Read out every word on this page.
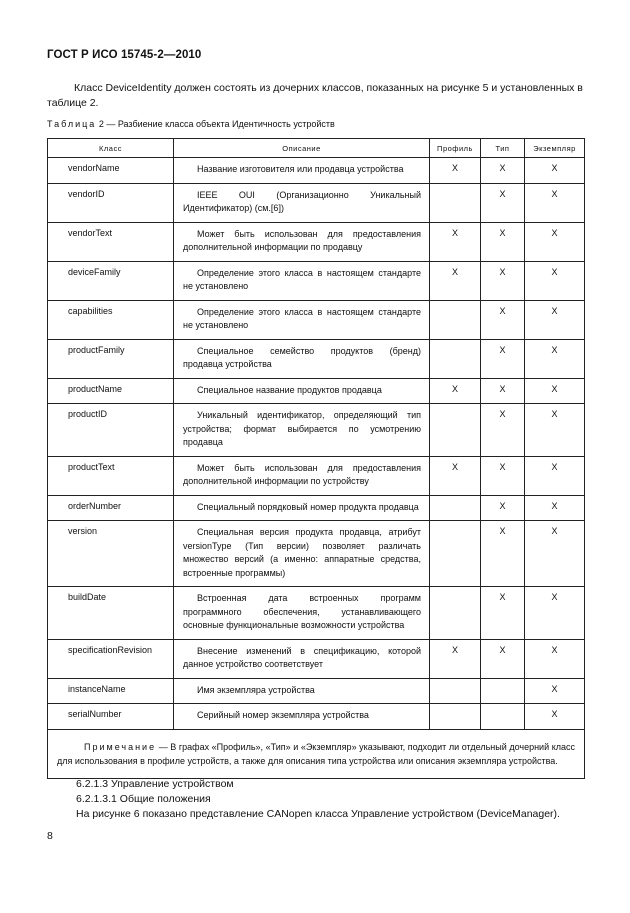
ГОСТ Р ИСО 15745-2—2010
Класс DeviceIdentity должен состоять из дочерних классов, показанных на рисунке 5 и установленных в таблице 2.
Таблица 2 — Разбиение класса объекта Идентичность устройств
Класс	Описание	Профиль	Тип	Экземпляр
vendorName	Название изготовителя или продавца устройства	X	X	X
vendorID	IEEE OUI (Организационно Уникальный Идентификатор) (см.[6])		X	X
vendorText	Может быть использован для предоставления дополнительной информации по продавцу	X	X	X
deviceFamily	Определение этого класса в настоящем стандарте не установлено	X	X	X
capabilities	Определение этого класса в настоящем стандарте не установлено		X	X
productFamily	Специальное семейство продуктов (бренд) продавца устройства		X	X
productName	Специальное название продуктов продавца	X	X	X
productID	Уникальный идентификатор, определяющий тип устройства; формат выбирается по усмотрению продавца		X	X
productText	Может быть использован для предоставления дополнительной информации по устройству	X	X	X
orderNumber	Специальный порядковый номер продукта продавца		X	X
version	Специальная версия продукта продавца, атрибут versionType (Тип версии) позволяет различать множество версий (а именно: аппаратные средства, встроенные программы)		X	X
buildDate	Встроенная дата встроенных программ программного обеспечения, устанавливающего основные функциональные возможности устройства		X	X
specificationRevision	Внесение изменений в спецификацию, которой данное устройство соответствует	X	X	X
instanceName	Имя экземпляра устройства			X
serialNumber	Серийный номер экземпляра устройства			X
Примечание — В графах «Профиль», «Тип» и «Экземпляр» указывают, подходит ли отдельный дочерний класс для использования в профиле устройств, а также для описания типа устройства или описания экземпляра устройства.				
6.2.1.3 Управление устройством
6.2.1.3.1 Общие положения
На рисунке 6 показано представление CANopen класса Управление устройством (DeviceManager).
8
